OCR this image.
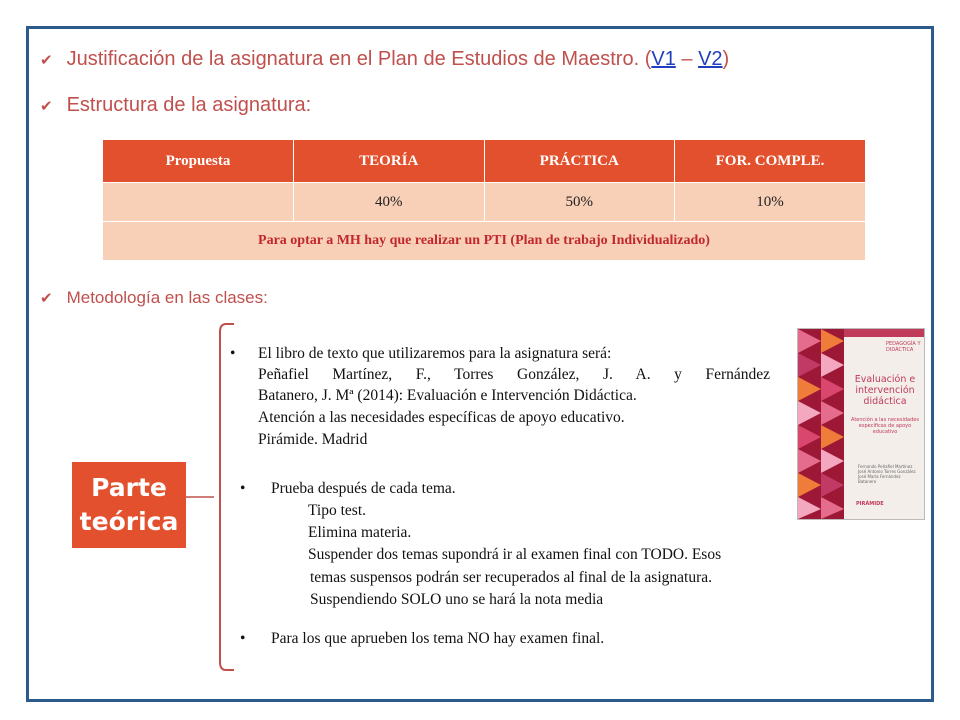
✔ Justificación de la asignatura en el Plan de Estudios de Maestro. (V1 – V2)
✔ Estructura de la asignatura:
Propuesta	TEORÍA	PRÁCTICA	FOR. COMPLE.
	40%	50%	10%
Para optar a MH hay que realizar un PTI (Plan de trabajo Individualizado)			
✔ Metodología en las clases:
Parte
teórica
• El libro de texto que utilizaremos para la asignatura será:
Peñafiel Martínez, F., Torres González, J. A. y Fernández
Batanero, J. Mª (2014): Evaluación e Intervención Didáctica.
Atención a las necesidades específicas de apoyo educativo.
Pirámide. Madrid
• Prueba después de cada tema.
Tipo test.
Elimina materia.
Suspender dos temas supondrá ir al examen final con TODO. Esos
temas suspensos podrán ser recuperados al final de la asignatura.
Suspendiendo SOLO uno se hará la nota media
• Para los que aprueben los tema NO hay examen final.
PEDAGOGÍA Y DIDÁCTICA
Evaluación e intervención didáctica
Atención a las necesidades específicas de apoyo educativo
Fernando Peñafiel Martínez
José Antonio Torres González
José María Fernández Batanero
PIRÁMIDE
